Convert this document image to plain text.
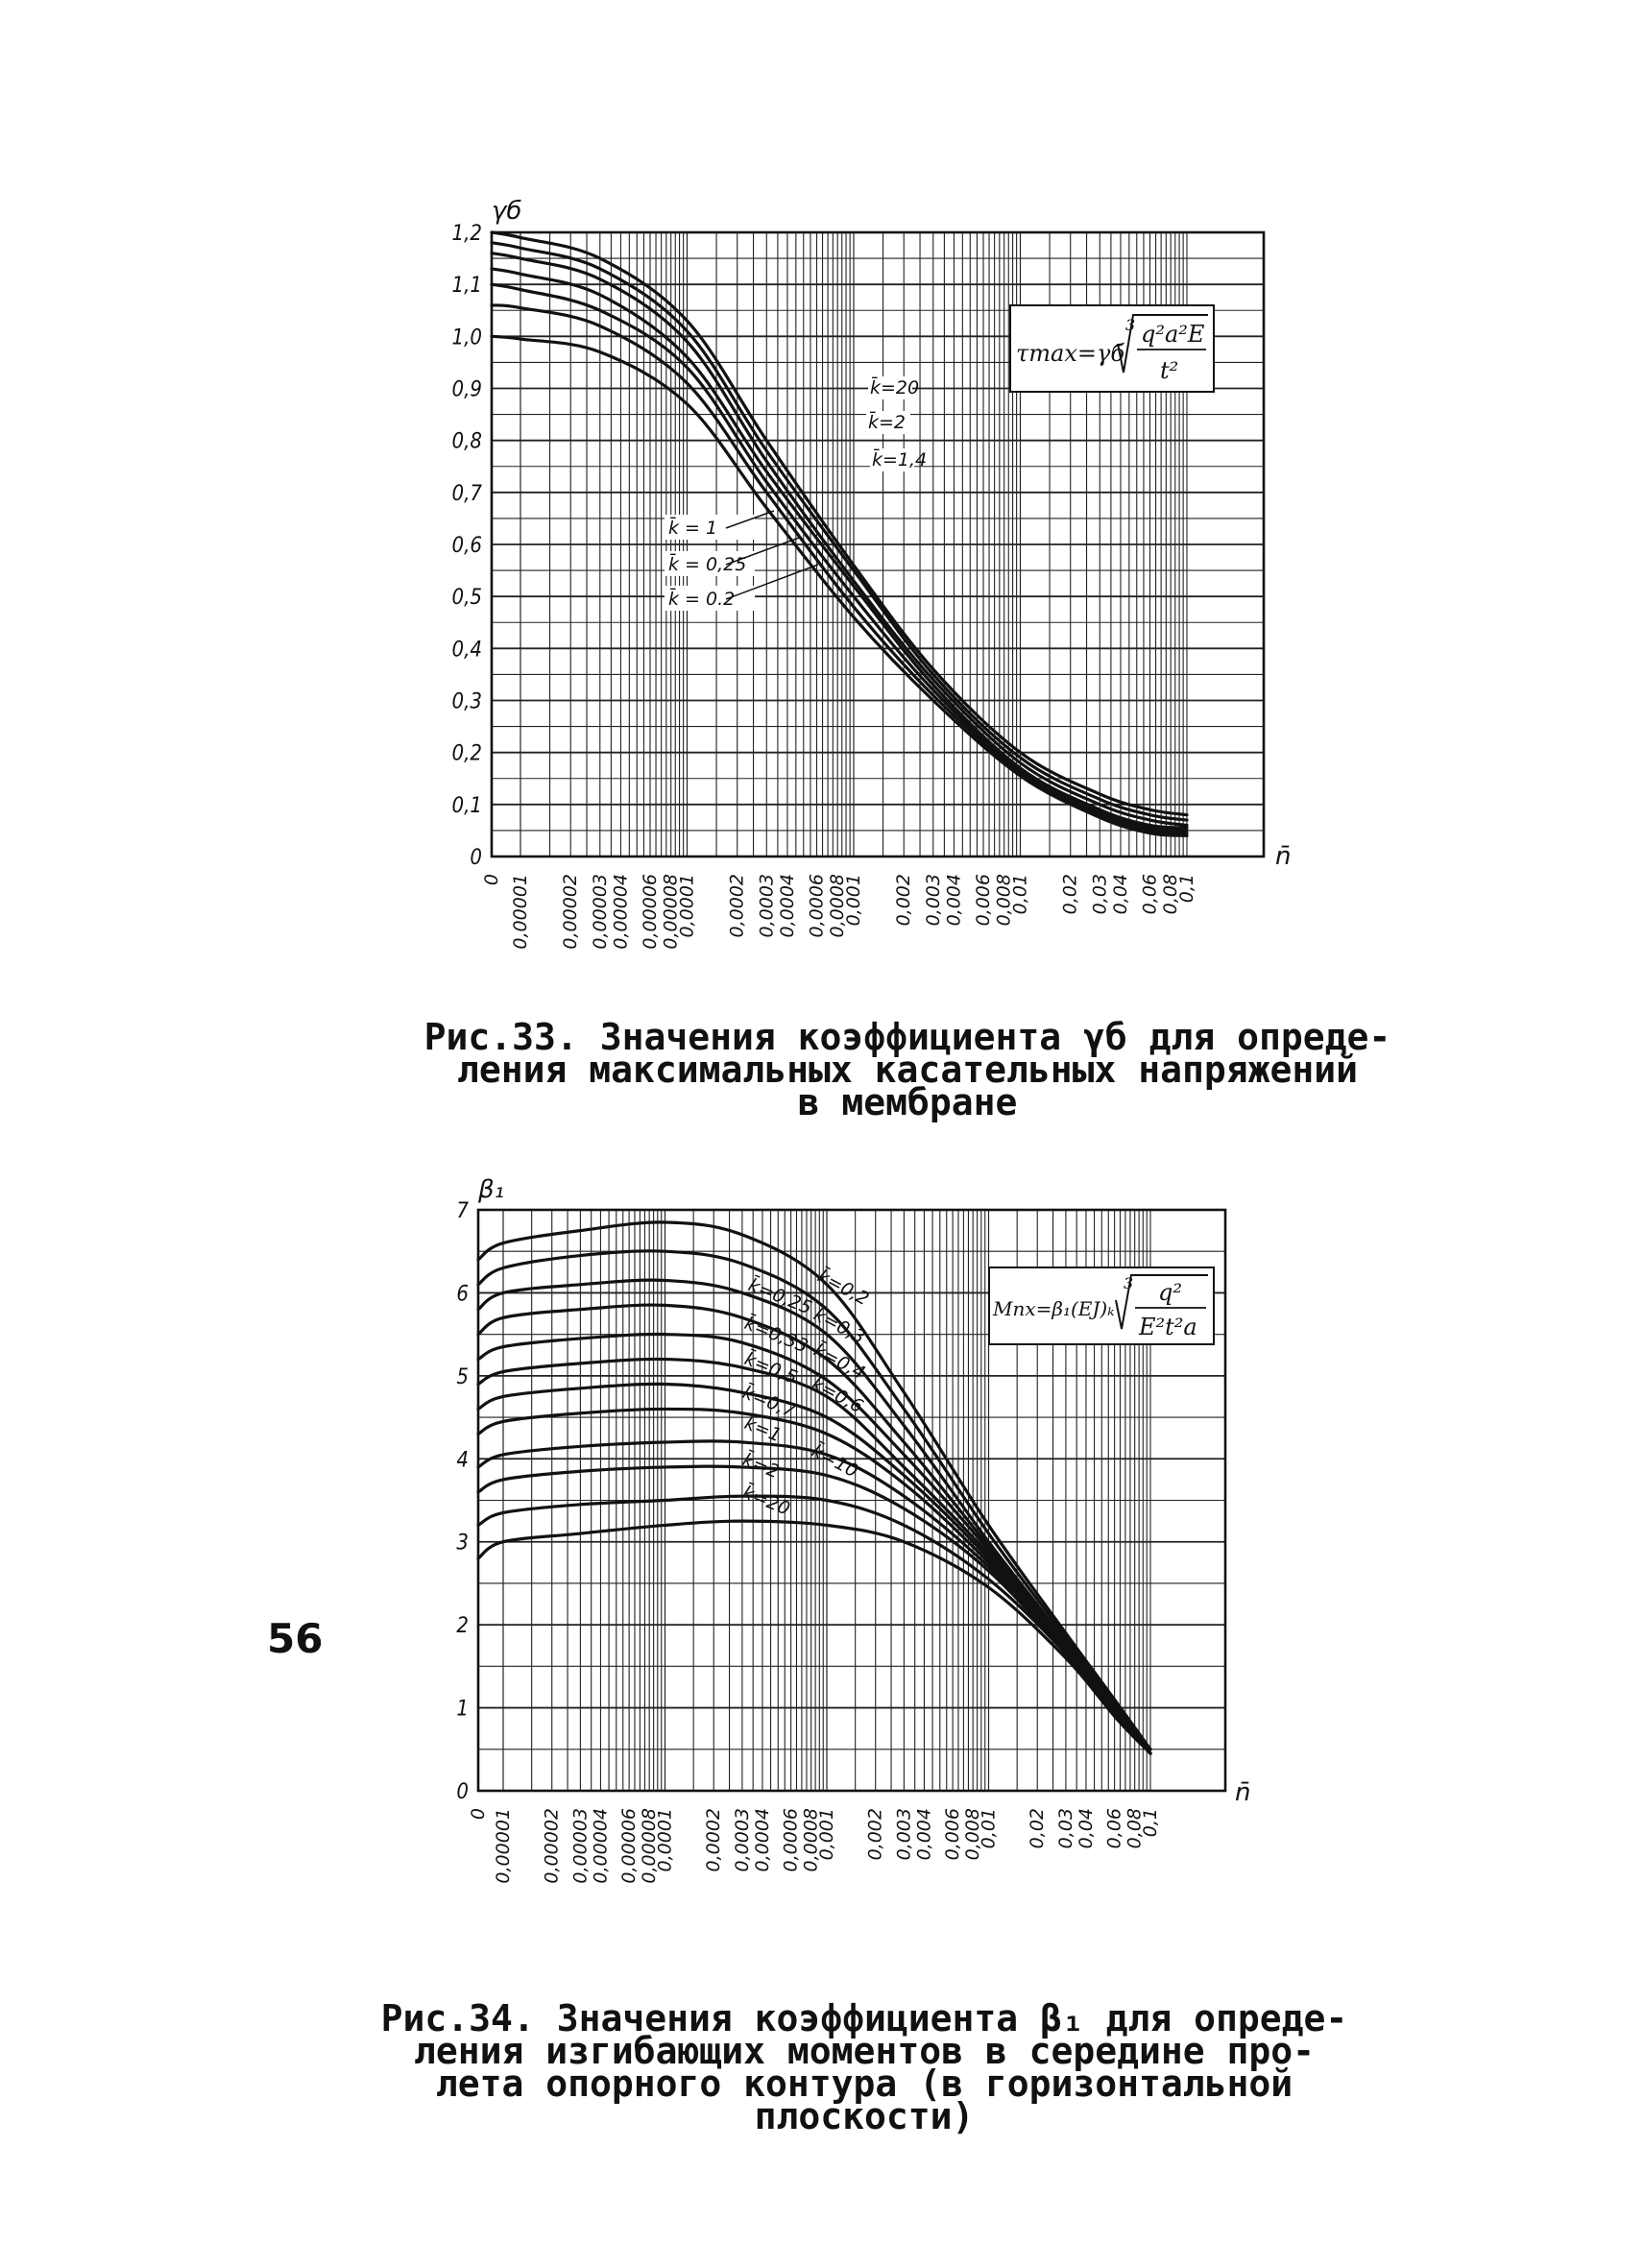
0
0,1
0,2
0,3
0,4
0,5
0,6
0,7
0,8
0,9
1,0
1,1
1,2
0 0,00001 0,00002 0,00003 0,00004 0,00006 0,00008
0,0001 0,0002 0,0003 0,0004 0,0006 0,0008
0,001 0,002 0,003 0,004 0,006 0,008
0,01 0,02 0,03 0,04 0,06 0,08
0,1
γб
n̄
τmax=γб
3 q²a²E
t²
k̄=20
k̄=2
k̄=1,4
k̄ = 1
k̄ = 0,25
k̄ = 0.2
Рис.33. Значения коэффициента γб для опреде-
ления максимальных касательных напряжений
в мембране
0
1
2
3
4
5
6
7
0 0,00001 0,00002 0,00003 0,00004 0,00006 0,00008
0,0001 0,0002 0,0003 0,0004 0,0006 0,0008
0,001 0,002 0,003 0,004 0,006 0,008
0,01 0,02 0,03 0,04 0,06 0,08
0,1
β₁
n̄
Mnx=β₁(EJ)ₖ
3 q²
E²t²a
k̄=0,25 k̄=0,2
k̄=0,33 k̄=0,3
k̄=0,5 k̄=0,4
k̄=0,7 k̄=0,6
k̄=1
k̄=2 k̄=10
k̄=20
Рис.34. Значения коэффициента β₁ для опреде-
ления изгибающих моментов в середине про-
лета опорного контура (в горизонтальной
плоскости)
56
